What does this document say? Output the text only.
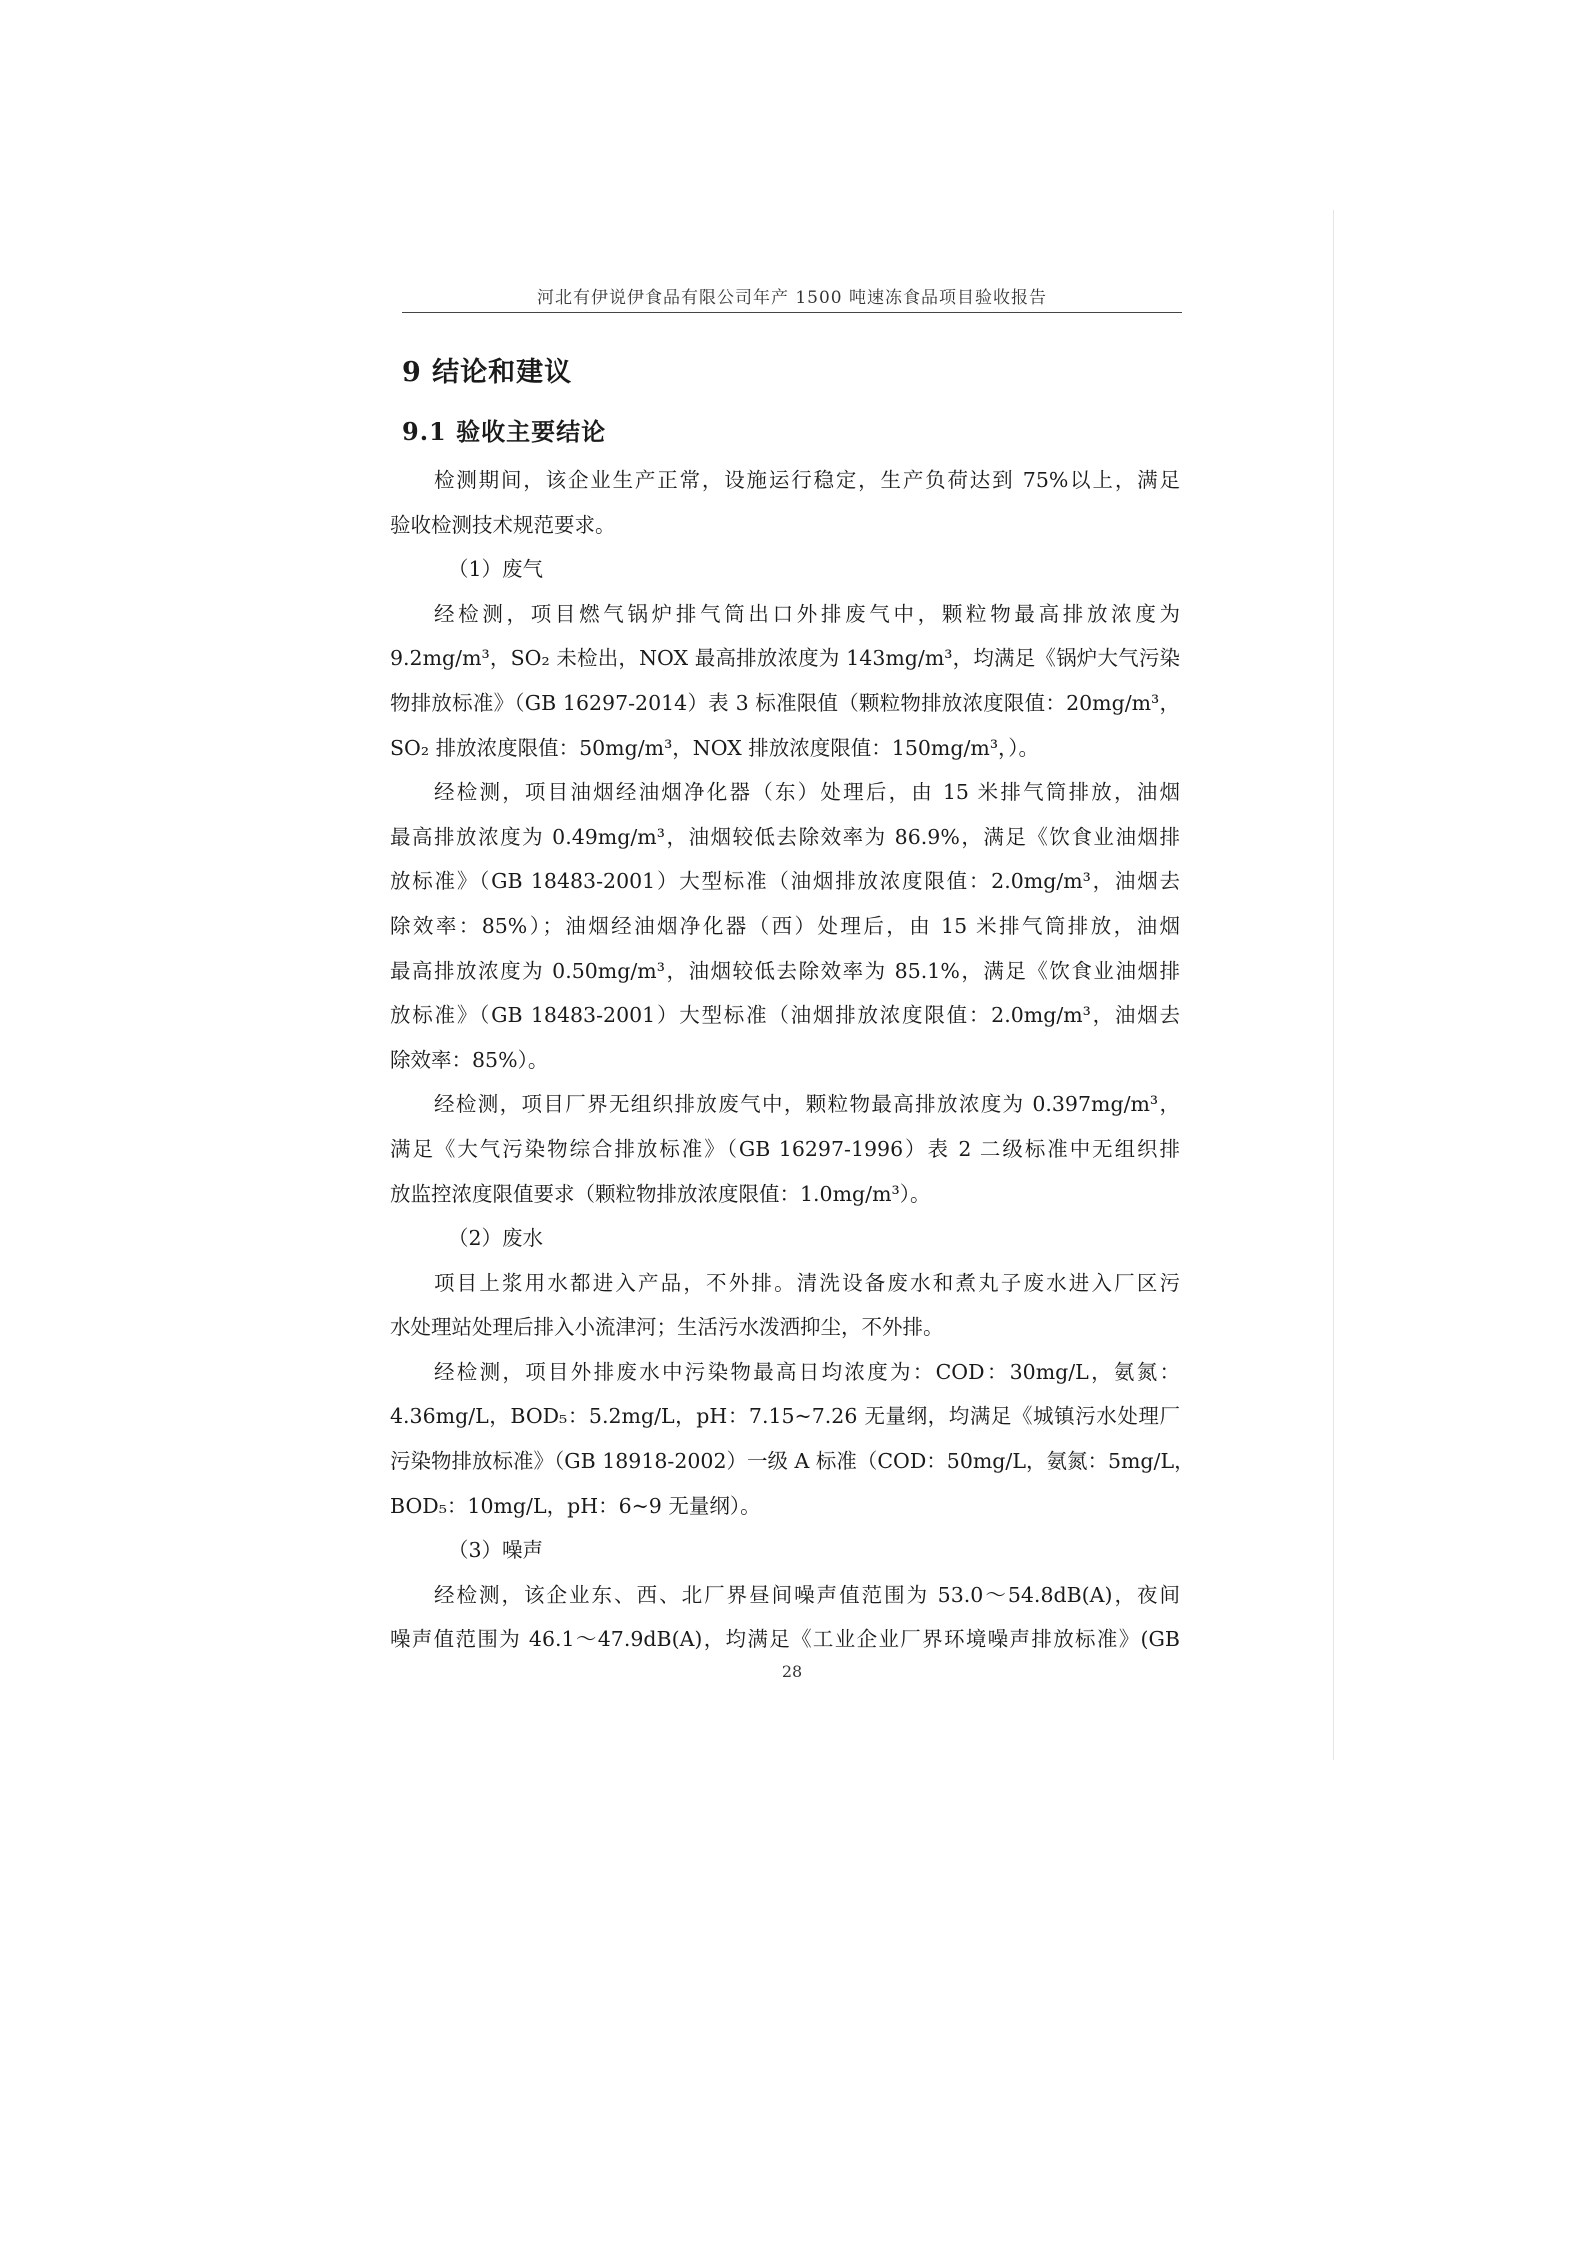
河北有伊说伊食品有限公司年产 1500 吨速冻食品项目验收报告
9 结论和建议
9.1 验收主要结论
检测期间，该企业生产正常，设施运行稳定，生产负荷达到 75%以上，满足
验收检测技术规范要求。
（1）废气
经检测，项目燃气锅炉排气筒出口外排废气中，颗粒物最高排放浓度为
9.2mg/m³，SO₂ 未检出，NOX 最高排放浓度为 143mg/m³，均满足《锅炉大气污染
物排放标准》（GB 16297-2014）表 3 标准限值（颗粒物排放浓度限值：20mg/m³，
SO₂ 排放浓度限值：50mg/m³，NOX 排放浓度限值：150mg/m³，）。
经检测，项目油烟经油烟净化器（东）处理后，由 15 米排气筒排放，油烟
最高排放浓度为 0.49mg/m³，油烟较低去除效率为 86.9%，满足《饮食业油烟排
放标准》（GB 18483-2001）大型标准（油烟排放浓度限值：2.0mg/m³，油烟去
除效率：85%）；油烟经油烟净化器（西）处理后，由 15 米排气筒排放，油烟
最高排放浓度为 0.50mg/m³，油烟较低去除效率为 85.1%，满足《饮食业油烟排
放标准》（GB 18483-2001）大型标准（油烟排放浓度限值：2.0mg/m³，油烟去
除效率：85%）。
经检测，项目厂界无组织排放废气中，颗粒物最高排放浓度为 0.397mg/m³，
满足《大气污染物综合排放标准》（GB 16297-1996）表 2 二级标准中无组织排
放监控浓度限值要求（颗粒物排放浓度限值：1.0mg/m³）。
（2）废水
项目上浆用水都进入产品，不外排。清洗设备废水和煮丸子废水进入厂区污
水处理站处理后排入小流津河；生活污水泼洒抑尘，不外排。
经检测，项目外排废水中污染物最高日均浓度为：COD：30mg/L，氨氮：
4.36mg/L，BOD₅：5.2mg/L，pH：7.15~7.26 无量纲，均满足《城镇污水处理厂
污染物排放标准》（GB 18918-2002）一级 A 标准（COD：50mg/L，氨氮：5mg/L，
BOD₅：10mg/L，pH：6~9 无量纲）。
（3）噪声
经检测，该企业东、西、北厂界昼间噪声值范围为 53.0～54.8dB(A)，夜间
噪声值范围为 46.1～47.9dB(A)，均满足《工业企业厂界环境噪声排放标准》(GB
28
